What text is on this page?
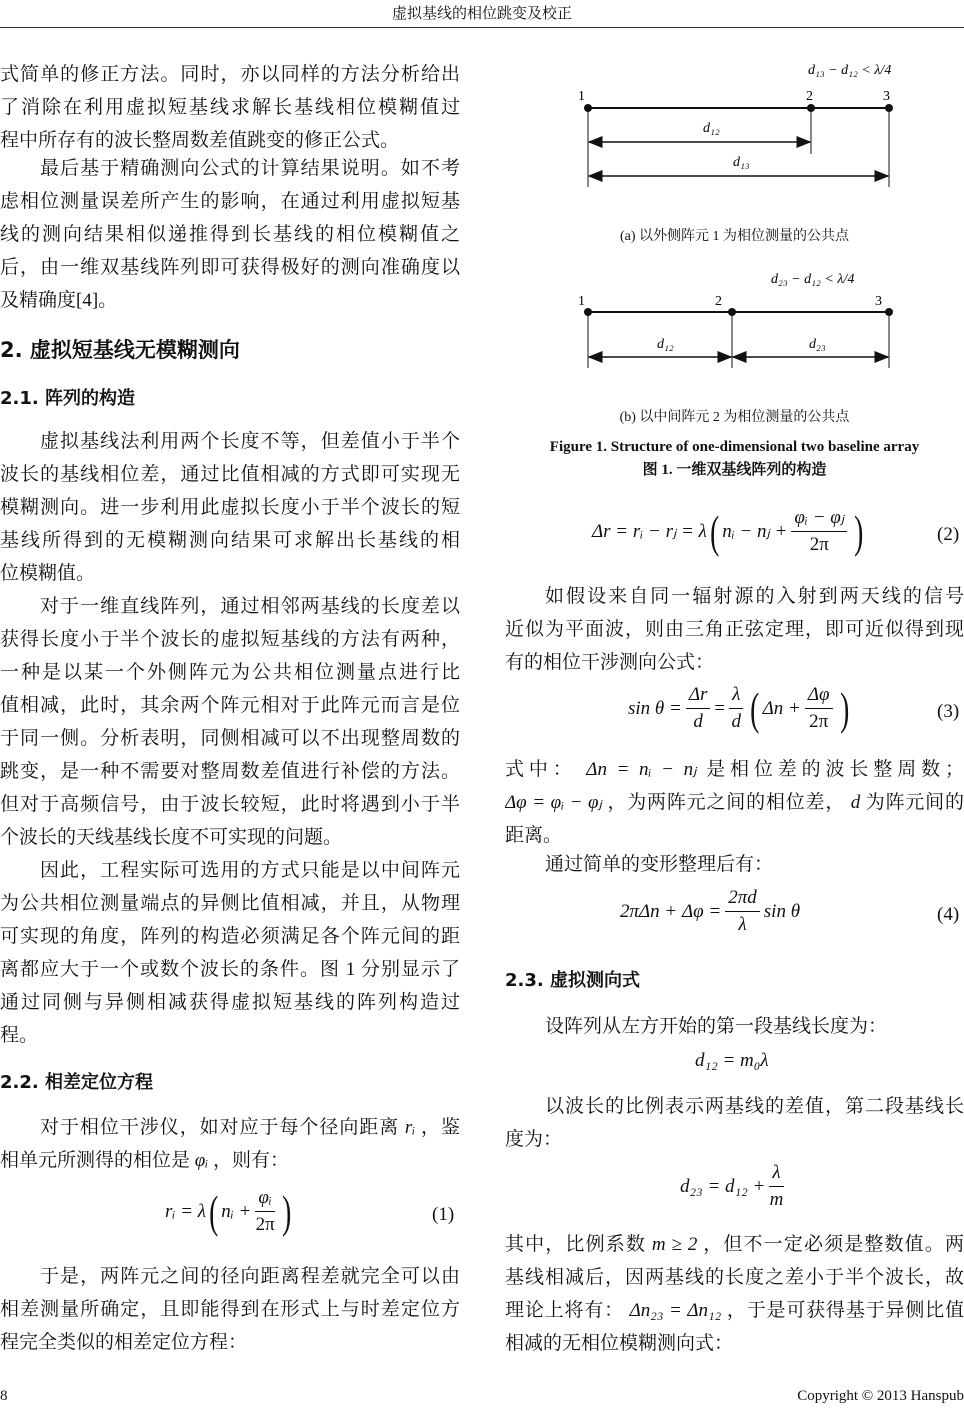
虚拟基线的相位跳变及校正
式简单的修正方法。同时，亦以同样的方法分析给出
了消除在利用虚拟短基线求解长基线相位模糊值过
程中所存有的波长整周数差值跳变的修正公式。
最后基于精确测向公式的计算结果说明。如不考
虑相位测量误差所产生的影响，在通过利用虚拟短基
线的测向结果相似递推得到长基线的相位模糊值之
后，由一维双基线阵列即可获得极好的测向准确度以
及精确度[4]。
2. 虚拟短基线无模糊测向
2.1. 阵列的构造
虚拟基线法利用两个长度不等，但差值小于半个
波长的基线相位差，通过比值相减的方式即可实现无
模糊测向。进一步利用此虚拟长度小于半个波长的短
基线所得到的无模糊测向结果可求解出长基线的相
位模糊值。
对于一维直线阵列，通过相邻两基线的长度差以
获得长度小于半个波长的虚拟短基线的方法有两种，
一种是以某一个外侧阵元为公共相位测量点进行比
值相减，此时，其余两个阵元相对于此阵元而言是位
于同一侧。分析表明，同侧相减可以不出现整周数的
跳变，是一种不需要对整周数差值进行补偿的方法。
但对于高频信号，由于波长较短，此时将遇到小于半
个波长的天线基线长度不可实现的问题。
因此，工程实际可选用的方式只能是以中间阵元
为公共相位测量端点的异侧比值相减，并且，从物理
可实现的角度，阵列的构造必须满足各个阵元间的距
离都应大于一个或数个波长的条件。图 1 分别显示了
通过同侧与异侧相减获得虚拟短基线的阵列构造过
程。
2.2. 相差定位方程
对于相位干涉仪，如对应于每个径向距离 rᵢ ，鉴
相单元所测得的相位是 φᵢ ，则有：
rᵢ = λ ( nᵢ + $\frac{\text{φᵢ}}{2\pi}$ )	(1)
于是，两阵元之间的径向距离程差就完全可以由
相差测量所确定，且即能得到在形式上与时差定位方
程完全类似的相差定位方程：
d₁₃ − d₁₂ < λ/4
1	2	3
d₁₂
d₁₃
d₂₃ − d₁₂ < λ/4
1	2	3
d₁₂	d₂₃
(a) 以外侧阵元 1 为相位测量的公共点
(b) 以中间阵元 2 为相位测量的公共点
Figure 1. Structure of one-dimensional two baseline array
图 1. 一维双基线阵列的构造
Δr = rᵢ − rⱼ = λ ( nᵢ − nⱼ + $\frac{\text{φᵢ − φⱼ}}{2\pi}$ )	(2)
如假设来自同一辐射源的入射到两天线的信号
近似为平面波，则由三角正弦定理，即可近似得到现
有的相位干涉测向公式：
$\sin \theta = \frac{\Delta r}{d} = \frac{\lambda}{d}$ ( $\Delta n + \frac{\Delta\varphi}{2\pi}$ )	(3)
式中： Δn = nᵢ − nⱼ 是相位差的波长整周数；
Δφ = φᵢ − φⱼ ，为两阵元之间的相位差， d 为阵元间的
距离。
通过简单的变形整理后有：
$2\pi\Delta n + \Delta\varphi = \frac{2\pi d}{\lambda}$ sin θ	(4)
2.3. 虚拟测向式
设阵列从左方开始的第一段基线长度为：
d₁₂ = m₀λ
以波长的比例表示两基线的差值，第二段基线长
度为：
$d_{23} = d_{12} + \frac{\lambda}{m}$
其中，比例系数 m ≥ 2 ，但不一定必须是整数值。两
基线相减后，因两基线的长度之差小于半个波长，故
理论上将有： Δn₂₃ = Δn₁₂ ，于是可获得基于异侧比值
相减的无相位模糊测向式：
8	Copyright © 2013 Hanspub
